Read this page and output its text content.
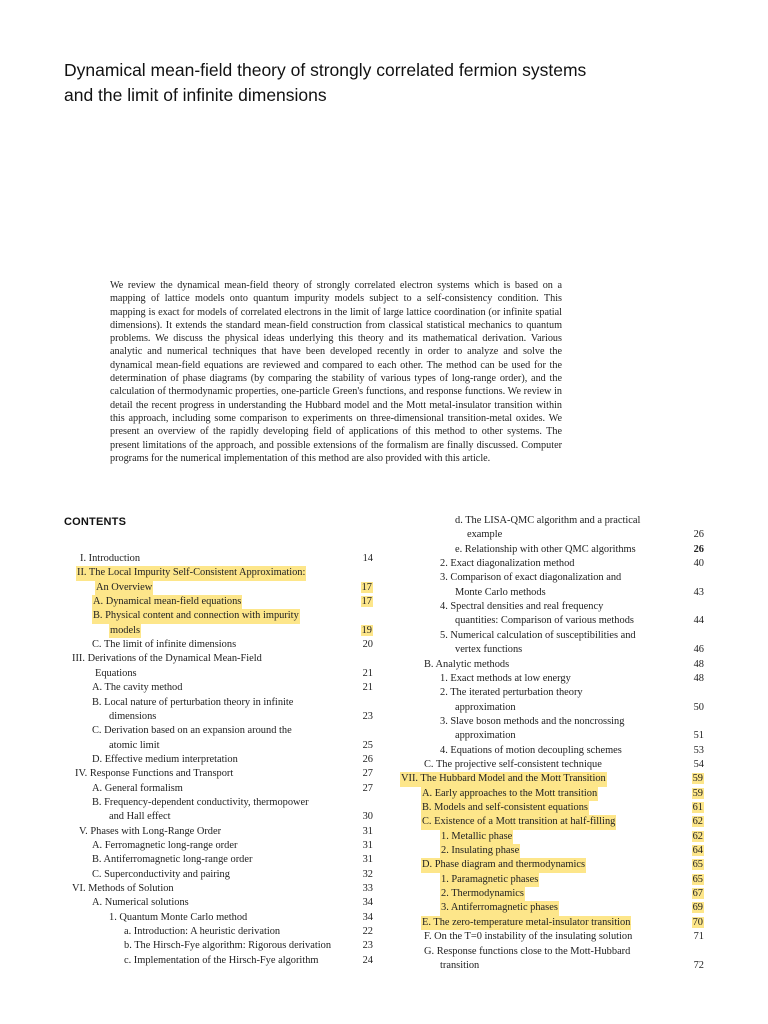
Dynamical mean-field theory of strongly correlated fermion systems
and the limit of infinite dimensions

We review the dynamical mean-field theory of strongly correlated electron systems which is based on a mapping of lattice models onto quantum impurity models subject to a self-consistency condition. This mapping is exact for models of correlated electrons in the limit of large lattice coordination (or infinite spatial dimensions). It extends the standard mean-field construction from classical statistical mechanics to quantum problems. We discuss the physical ideas underlying this theory and its mathematical derivation. Various analytic and numerical techniques that have been developed recently in order to analyze and solve the dynamical mean-field equations are reviewed and compared to each other. The method can be used for the determination of phase diagrams (by comparing the stability of various types of long-range order), and the calculation of thermodynamic properties, one-particle Green's functions, and response functions. We review in detail the recent progress in understanding the Hubbard model and the Mott metal-insulator transition within this approach, including some comparison to experiments on three-dimensional transition-metal oxides. We present an overview of the rapidly developing field of applications of this method to other systems. The present limitations of the approach, and possible extensions of the formalism are finally discussed. Computer programs for the numerical implementation of this method are also provided with this article.

CONTENTS
I. Introduction	14
II. The Local Impurity Self-Consistent Approximation:
An Overview	17
A. Dynamical mean-field equations	17
B. Physical content and connection with impurity
models	19
C. The limit of infinite dimensions	20
III. Derivations of the Dynamical Mean-Field
Equations	21
A. The cavity method	21
B. Local nature of perturbation theory in infinite
dimensions	23
C. Derivation based on an expansion around the
atomic limit	25
D. Effective medium interpretation	26
IV. Response Functions and Transport	27
A. General formalism	27
B. Frequency-dependent conductivity, thermopower
and Hall effect	30
V. Phases with Long-Range Order	31
A. Ferromagnetic long-range order	31
B. Antiferromagnetic long-range order	31
C. Superconductivity and pairing	32
VI. Methods of Solution	33
A. Numerical solutions	34
1. Quantum Monte Carlo method	34
a. Introduction: A heuristic derivation	22
b. The Hirsch-Fye algorithm: Rigorous derivation	23
c. Implementation of the Hirsch-Fye algorithm	24
d. The LISA-QMC algorithm and a practical
example	26
e. Relationship with other QMC algorithms	26
2. Exact diagonalization method	40
3. Comparison of exact diagonalization and
Monte Carlo methods	43
4. Spectral densities and real frequency
quantities: Comparison of various methods	44
5. Numerical calculation of susceptibilities and
vertex functions	46
B. Analytic methods	48
1. Exact methods at low energy	48
2. The iterated perturbation theory
approximation	50
3. Slave boson methods and the noncrossing
approximation	51
4. Equations of motion decoupling schemes	53
C. The projective self-consistent technique	54
VII. The Hubbard Model and the Mott Transition	59
A. Early approaches to the Mott transition	59
B. Models and self-consistent equations	61
C. Existence of a Mott transition at half-filling	62
1. Metallic phase	62
2. Insulating phase	64
D. Phase diagram and thermodynamics	65
1. Paramagnetic phases	65
2. Thermodynamics	67
3. Antiferromagnetic phases	69
E. The zero-temperature metal-insulator transition	70
F. On the T=0 instability of the insulating solution	71
G. Response functions close to the Mott-Hubbard
transition	72
